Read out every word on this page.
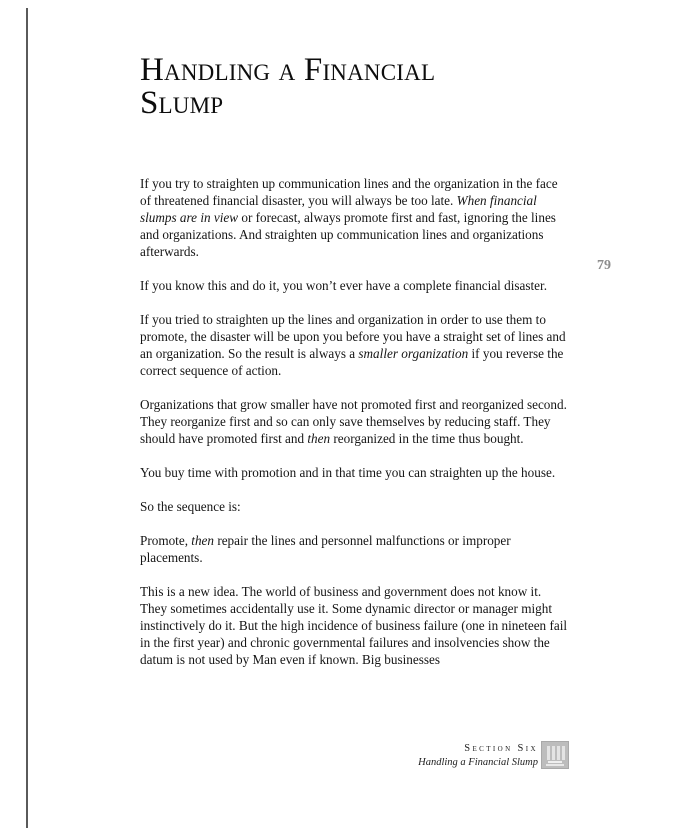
Handling a Financial
Slump
79

If you try to straighten up communication lines and the organization in the face of threatened financial disaster, you will always be too late. When financial slumps are in view or forecast, always promote first and fast, ignoring the lines and organizations. And straighten up communication lines and organizations afterwards.

If you know this and do it, you won’t ever have a complete financial disaster.

If you tried to straighten up the lines and organization in order to use them to promote, the disaster will be upon you before you have a straight set of lines and an organization. So the result is always a smaller organization if you reverse the correct sequence of action.

Organizations that grow smaller have not promoted first and reorganized second. They reorganize first and so can only save themselves by reducing staff. They should have promoted first and then reorganized in the time thus bought.

You buy time with promotion and in that time you can straighten up the house.

So the sequence is:

Promote, then repair the lines and personnel malfunctions or improper placements.

This is a new idea. The world of business and government does not know it. They sometimes accidentally use it. Some dynamic director or manager might instinctively do it. But the high incidence of business failure (one in nineteen fail in the first year) and chronic governmental failures and insolvencies show the datum is not used by Man even if known. Big businesses

Section Six
Handling a Financial Slump
